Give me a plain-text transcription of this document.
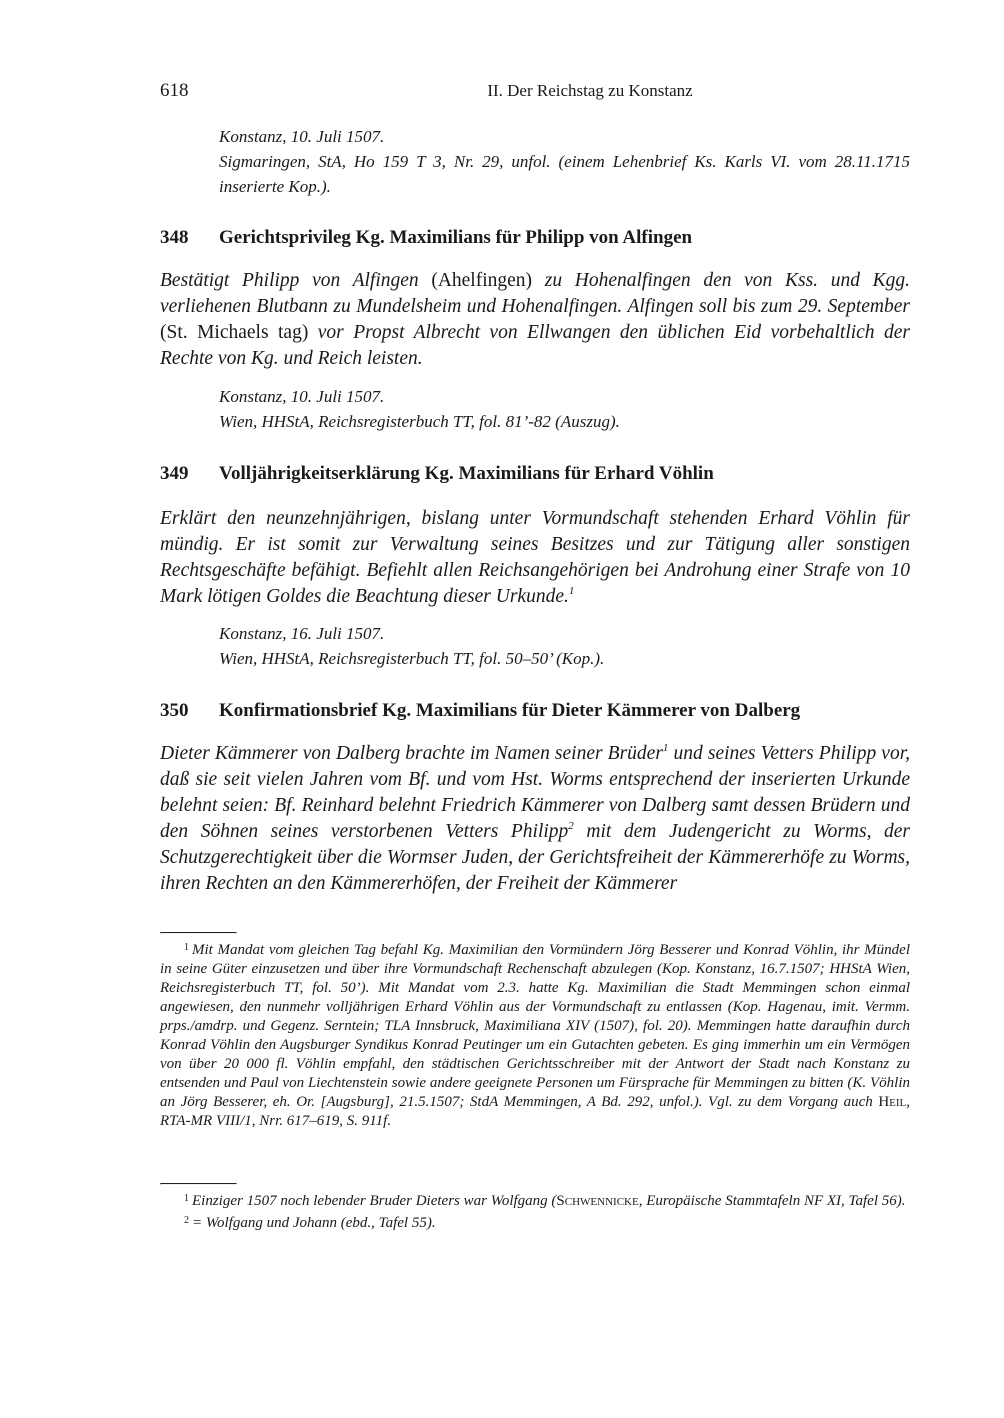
618	II. Der Reichstag zu Konstanz
Konstanz, 10. Juli 1507.
Sigmaringen, StA, Ho 159 T 3, Nr. 29, unfol. (einem Lehenbrief Ks. Karls VI. vom 28.11.1715 inserierte Kop.).
348	Gerichtsprivileg Kg. Maximilians für Philipp von Alfingen
Bestätigt Philipp von Alfingen (Ahelfingen) zu Hohenalfingen den von Kss. und Kgg. verliehenen Blutbann zu Mundelsheim und Hohenalfingen. Alfingen soll bis zum 29. September (St. Michaels tag) vor Propst Albrecht von Ellwangen den üblichen Eid vorbehaltlich der Rechte von Kg. und Reich leisten.
Konstanz, 10. Juli 1507.
Wien, HHStA, Reichsregisterbuch TT, fol. 81’-82 (Auszug).
349	Volljährigkeitserklärung Kg. Maximilians für Erhard Vöhlin
Erklärt den neunzehnjährigen, bislang unter Vormundschaft stehenden Erhard Vöhlin für mündig. Er ist somit zur Verwaltung seines Besitzes und zur Tätigung aller sonstigen Rechtsgeschäfte befähigt. Befiehlt allen Reichsangehörigen bei Androhung einer Strafe von 10 Mark lötigen Goldes die Beachtung dieser Urkunde.$^1$
Konstanz, 16. Juli 1507.
Wien, HHStA, Reichsregisterbuch TT, fol. 50–50’ (Kop.).
350	Konfirmationsbrief Kg. Maximilians für Dieter Kämmerer von Dalberg
Dieter Kämmerer von Dalberg brachte im Namen seiner Brüder$^1$ und seines Vetters Philipp vor, daß sie seit vielen Jahren vom Bf. und vom Hst. Worms entsprechend der inserierten Urkunde belehnt seien: Bf. Reinhard belehnt Friedrich Kämmerer von Dalberg samt dessen Brüdern und den Söhnen seines verstorbenen Vetters Philipp$^2$ mit dem Judengericht zu Worms, der Schutzgerechtigkeit über die Wormser Juden, der Gerichtsfreiheit der Kämmererhöfe zu Worms, ihren Rechten an den Kämmererhöfen, der Freiheit der Kämmerer
$^1$ Mit Mandat vom gleichen Tag befahl Kg. Maximilian den Vormündern Jörg Besserer und Konrad Vöhlin, ihr Mündel in seine Güter einzusetzen und über ihre Vormundschaft Rechenschaft abzulegen (Kop. Konstanz, 16.7.1507; HHStA Wien, Reichsregisterbuch TT, fol. 50’). Mit Mandat vom 2.3. hatte Kg. Maximilian die Stadt Memmingen schon einmal angewiesen, den nunmehr volljährigen Erhard Vöhlin aus der Vormundschaft zu entlassen (Kop. Hagenau, imit. Vermm. prps./amdrp. und Gegenz. Serntein; TLA Innsbruck, Maximiliana XIV (1507), fol. 20). Memmingen hatte daraufhin durch Konrad Vöhlin den Augsburger Syndikus Konrad Peutinger um ein Gutachten gebeten. Es ging immerhin um ein Vermögen von über 20 000 fl. Vöhlin empfahl, den städtischen Gerichtsschreiber mit der Antwort der Stadt nach Konstanz zu entsenden und Paul von Liechtenstein sowie andere geeignete Personen um Fürsprache für Memmingen zu bitten (K. Vöhlin an Jörg Besserer, eh. Or. [Augsburg], 21.5.1507; StdA Memmingen, A Bd. 292, unfol.). Vgl. zu dem Vorgang auch Heil, RTA-MR VIII/1, Nrr. 617–619, S. 911f.
$^1$ Einziger 1507 noch lebender Bruder Dieters war Wolfgang (Schwennicke, Europäische Stammtafeln NF XI, Tafel 56).
$^2$ = Wolfgang und Johann (ebd., Tafel 55).
